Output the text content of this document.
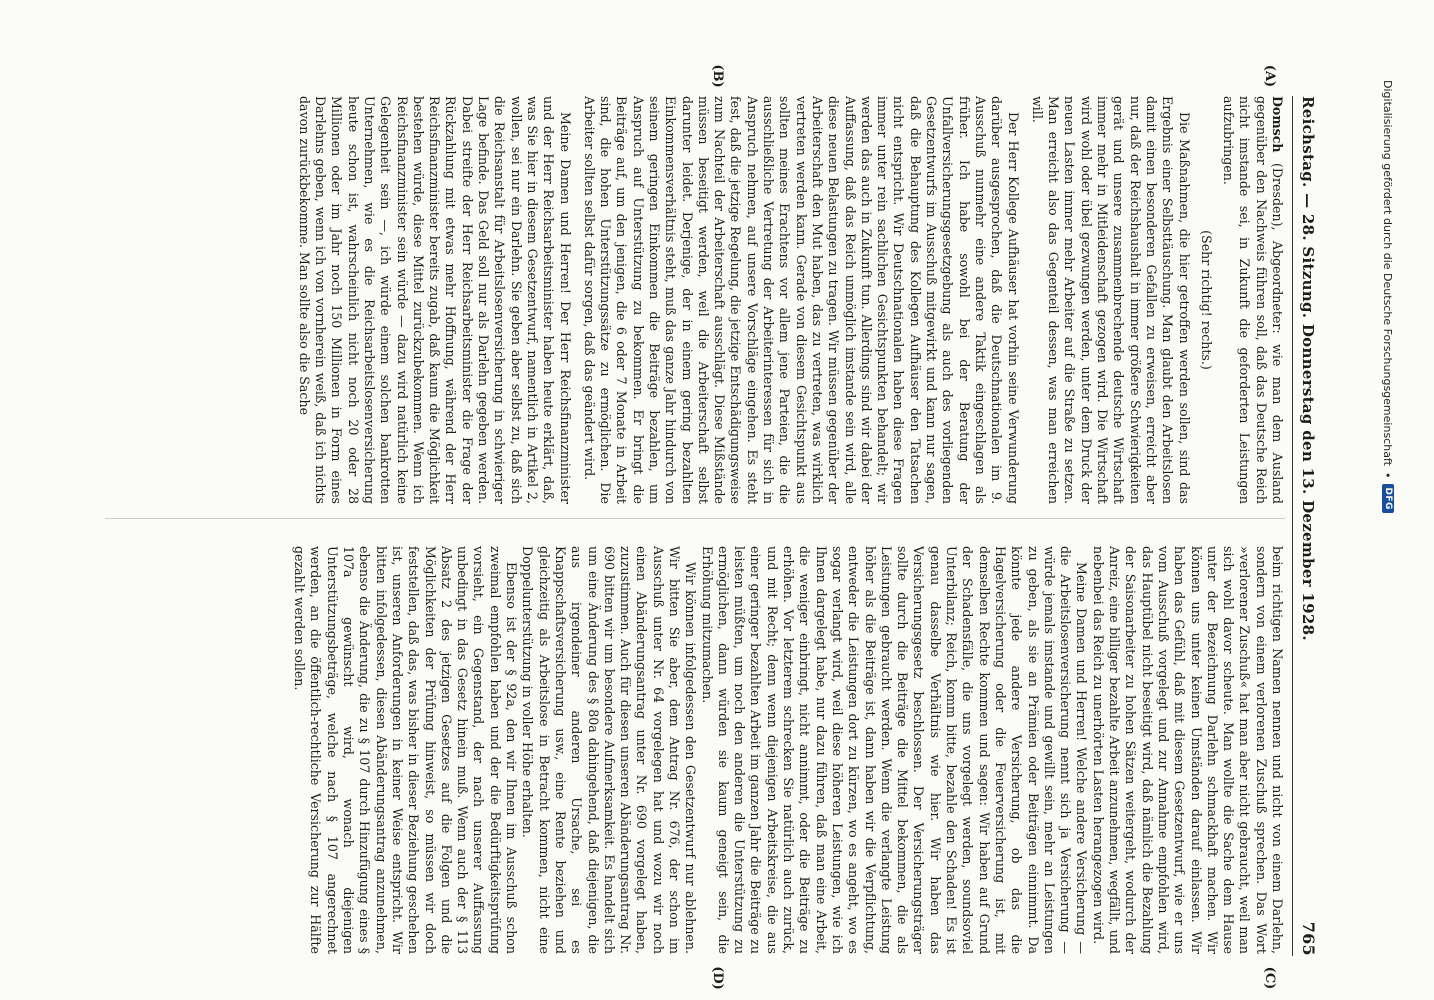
Reichstag. — 28. Sitzung. Donnerstag den 13. Dezember 1928.
765
(A)
(B)
(C)
(D)

Domsch (Dresden), Abgeordneter: wie man dem Ausland gegenüber den Nachweis führen soll, daß das Deutsche Reich nicht imstande sei, in Zukunft die geforderten Leistungen aufzubringen.

(Sehr richtig! rechts.)

Die Maßnahmen, die hier getroffen werden sollen, sind das Ergebnis einer Selbsttäuschung. Man glaubt den Arbeitslosen damit einen besonderen Gefallen zu erweisen, erreicht aber nur, daß der Reichshaushalt in immer größere Schwierigkeiten gerät und unsere zusammenbrechende deutsche Wirtschaft immer mehr in Mitleidenschaft gezogen wird. Die Wirtschaft wird wohl oder übel gezwungen werden, unter dem Druck der neuen Lasten immer mehr Arbeiter auf die Straße zu setzen. Man erreicht also das Gegenteil dessen, was man erreichen will.

Der Herr Kollege Aufhäuser hat vorhin seine Verwunderung darüber ausgesprochen, daß die Deutschnationalen im 9. Ausschuß nunmehr eine andere Taktik eingeschlagen als früher. Ich habe sowohl bei der Beratung der Unfallversicherungsgesetzgebung als auch des vorliegenden Gesetzentwurfs im Ausschuß mitgewirkt und kann nur sagen, daß die Behauptung des Kollegen Aufhäuser den Tatsachen nicht entspricht. Wir Deutschnationalen haben diese Fragen immer unter rein sachlichen Gesichtspunkten behandelt; wir werden das auch in Zukunft tun. Allerdings sind wir dabei der Auffassung, daß das Reich unmöglich imstande sein wird, alle diese neuen Belastungen zu tragen. Wir müssen gegenüber der Arbeiterschaft den Mut haben, das zu vertreten, was wirklich vertreten werden kann. Gerade von diesem Gesichtspunkt aus sollten meines Erachtens vor allem jene Parteien, die die ausschließliche Vertretung der Arbeiterinteressen für sich in Anspruch nehmen, auf unsere Vorschläge eingehen. Es steht fest, daß die jetzige Regelung, die jetzige Entschädigungsweise zum Nachteil der Arbeiterschaft ausschlägt. Diese Mißstände müssen beseitigt werden, weil die Arbeiterschaft selbst darunter leidet. Derjenige, der in einem gering bezahlten Einkommensverhältnis steht, muß das ganze Jahr hindurch von seinem geringen Einkommen die Beiträge bezahlen, um Anspruch auf Unterstützung zu bekommen. Er bringt die Beiträge auf, um den jenigen, die 6 oder 7 Monate in Arbeit sind, die hohen Unterstützungssätze zu ermöglichen. Die Arbeiter sollten selbst dafür sorgen, daß das geändert wird.

Meine Damen und Herren! Der Herr Reichsfinanzminister und der Herr Reichsarbeitsminister haben heute erklärt, daß, was Sie hier in diesem Gesetzentwurf, namentlich in Artikel 2, wollen, sei nur ein Darlehn. Sie geben aber selbst zu, daß sich die Reichsanstalt für Arbeitslosenversicherung in schwieriger Lage befinde. Das Geld soll nur als Darlehn gegeben werden. Dabei streifte der Herr Reichsarbeitsminister die Frage der Rückzahlung mit etwas mehr Hoffnung, während der Herr Reichsfinanzminister bereits zugab, daß kaum die Möglichkeit bestehen würde, diese Mittel zurückzubekommen. Wenn ich Reichsfinanzminister sein würde — dazu wird natürlich keine Gelegenheit sein —, ich würde einem solchen bankrotten Unternehmen, wie es die Reichsarbeitslosenversicherung heute schon ist, wahrscheinlich nicht noch 20 oder 28 Millionen oder im Jahr noch 150 Millionen in Form eines Darlehns geben, wenn ich von vornherein weiß, daß ich nichts davon zurückbekomme. Man sollte also die Sache

beim richtigen Namen nennen und nicht von einem Darlehn, sondern von einem verlorenen Zuschuß sprechen. Das Wort »verlorener Zuschuß« hat man aber nicht gebraucht, weil man sich wohl davor scheute. Man wollte die Sache dem Hause unter der Bezeichnung Darlehn schmackhaft machen. Wir können uns unter keinen Umständen darauf einlassen. Wir haben das Gefühl, daß mit diesem Gesetzentwurf, wie er uns vom Ausschuß vorgelegt und zur Annahme empfohlen wird, das Hauptübel nicht beseitigt wird, daß nämlich die Bezahlung der Saisonarbeiter zu hohen Sätzen weitergeht, wodurch der Anreiz, eine billiger bezahlte Arbeit anzunehmen, wegfällt, und nebenbei das Reich zu unerhörten Lasten herangezogen wird.

Meine Damen und Herren! Welche andere Versicherung — die Arbeitslosenversicherung nennt sich ja Versicherung — würde jemals imstande und gewillt sein, mehr an Leistungen zu geben, als sie an Prämien oder Beiträgen einnimmt. Da könnte jede andere Versicherung, ob das die Hagelversicherung oder die Feuerversicherung ist, mit demselben Rechte kommen und sagen: Wir haben auf Grund der Schadensfälle, die uns vorgelegt werden, soundsoviel Unterbilanz; Reich, komm bitte, bezahle den Schaden! Es ist genau dasselbe Verhältnis wie hier. Wir haben das Versicherungsgesetz beschlossen. Der Versicherungsträger sollte durch die Beiträge die Mittel bekommen, die als Leistungen gebraucht werden. Wenn die verlangte Leistung höher als die Beiträge ist, dann haben wir die Verpflichtung, entweder die Leistungen dort zu kürzen, wo es angeht, wo es sogar verlangt wird, weil diese höheren Leistungen, wie ich Ihnen dargelegt habe, nur dazu führen, daß man eine Arbeit, die weniger einbringt, nicht annimmt, oder die Beiträge zu erhöhen. Vor letzterem schrecken Sie natürlich auch zurück, und mit Recht; denn wenn diejenigen Arbeitskreise, die aus einer geringer bezahlten Arbeit im ganzen Jahr die Beiträge zu leisten müßten, um noch den anderen die Unterstützung zu ermöglichen, dann würden sie kaum geneigt sein, die Erhöhung mitzumachen.

Wir können infolgedessen den Gesetzentwurf nur ablehnen. Wir bitten Sie aber, dem Antrag Nr. 676, der schon im Ausschuß unter Nr. 64 vorgelegen hat und wozu wir noch einen Abänderungsantrag unter Nr. 690 vorgelegt haben, zuzustimmen. Auch für diesen unseren Abänderungsantrag Nr. 690 bitten wir um besondere Aufmerksamkeit. Es handelt sich um eine Änderung des § 80a dahingehend, daß diejenigen, die aus irgendeiner anderen Ursache, sei es Knappschaftsversicherung usw., eine Rente beziehen und gleichzeitig als Arbeitslose in Betracht kommen, nicht eine Doppelunterstützung in voller Höhe erhalten.

Ebenso ist der § 92a, den wir Ihnen im Ausschuß schon zweimal empfohlen haben und der die Bedürftigkeitsprüfung vorsieht, ein Gegenstand, der nach unserer Auffassung unbedingt in das Gesetz hinein muß. Wenn auch der § 113 Absatz 2 des jetzigen Gesetzes auf die Folgen und die Möglichkeiten der Prüfung hinweist, so müssen wir doch feststellen, daß das, was bisher in dieser Beziehung geschehen ist, unseren Anforderungen in keiner Weise entspricht. Wir bitten infolgedessen, diesen Abänderungsantrag anzunehmen, ebenso die Änderung, die zu § 107 durch Hinzufügung eines § 107a gewünscht wird, wonach diejenigen Unterstützungsbeträge, welche nach § 107 angerechnet werden, an die öffentlich-rechtliche Versicherung zur Hälfte gezahlt werden sollen.

Digitalisierung gefördert durch die Deutsche Forschungsgemeinschaft
•
DFG
